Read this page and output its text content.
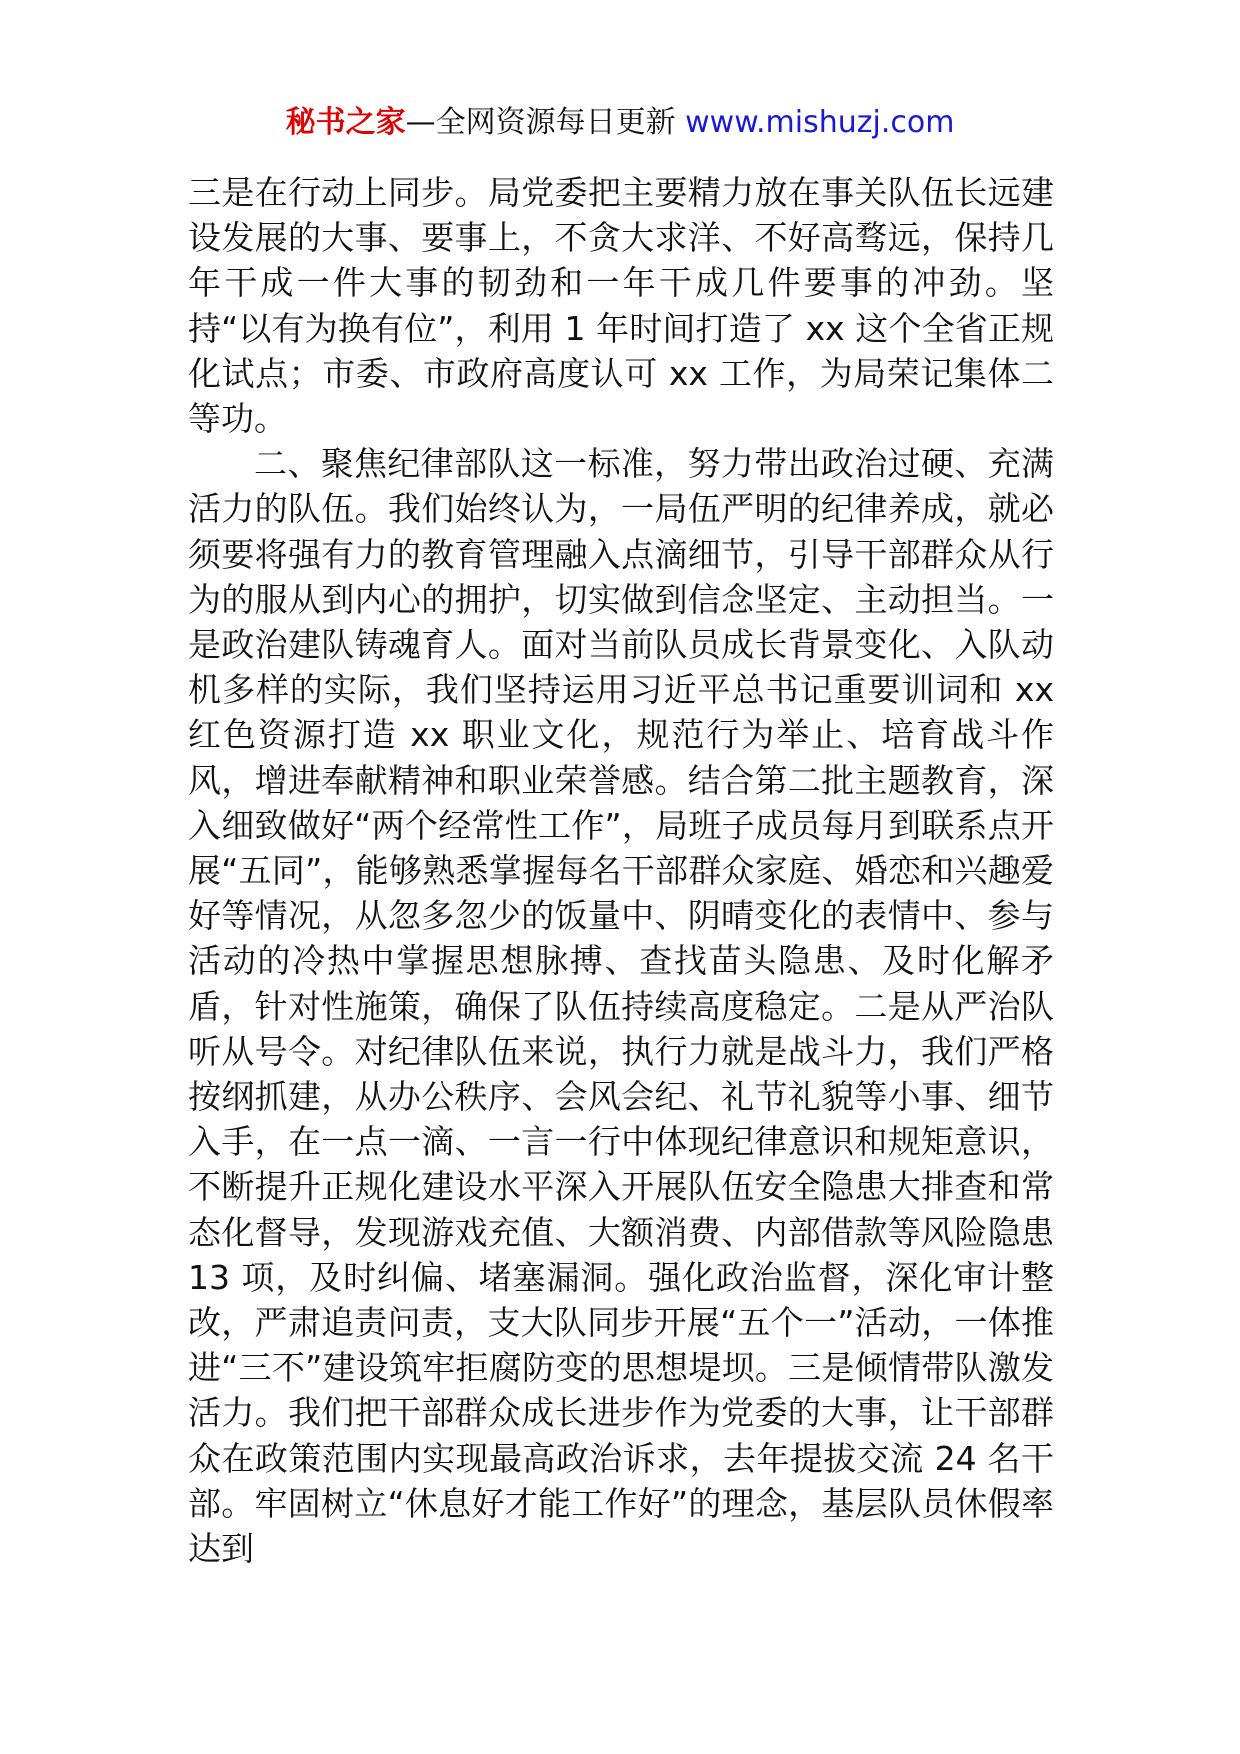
秘书之家—全网资源每日更新 www.mishuzj.com

三是在行动上同步。局党委把主要精力放在事关队伍长远建设发展的大事、要事上，不贪大求洋、不好高骛远，保持几年干成一件大事的韧劲和一年干成几件要事的冲劲。坚持“以有为换有位”，利用 1 年时间打造了 xx 这个全省正规化试点；市委、市政府高度认可 xx 工作，为局荣记集体二等功。

二、聚焦纪律部队这一标准，努力带出政治过硬、充满活力的队伍。我们始终认为，一局伍严明的纪律养成，就必须要将强有力的教育管理融入点滴细节，引导干部群众从行为的服从到内心的拥护，切实做到信念坚定、主动担当。一是政治建队铸魂育人。面对当前队员成长背景变化、入队动机多样的实际，我们坚持运用习近平总书记重要训词和 xx 红色资源打造 xx 职业文化，规范行为举止、培育战斗作风，增进奉献精神和职业荣誉感。结合第二批主题教育，深入细致做好“两个经常性工作”，局班子成员每月到联系点开展“五同”，能够熟悉掌握每名干部群众家庭、婚恋和兴趣爱好等情况，从忽多忽少的饭量中、阴晴变化的表情中、参与活动的冷热中掌握思想脉搏、查找苗头隐患、及时化解矛盾，针对性施策，确保了队伍持续高度稳定。二是从严治队听从号令。对纪律队伍来说，执行力就是战斗力，我们严格按纲抓建，从办公秩序、会风会纪、礼节礼貌等小事、细节入手，在一点一滴、一言一行中体现纪律意识和规矩意识，不断提升正规化建设水平深入开展队伍安全隐患大排查和常态化督导，发现游戏充值、大额消费、内部借款等风险隐患 13 项，及时纠偏、堵塞漏洞。强化政治监督，深化审计整改，严肃追责问责，支大队同步开展“五个一”活动，一体推进“三不”建设筑牢拒腐防变的思想堤坝。三是倾情带队激发活力。我们把干部群众成长进步作为党委的大事，让干部群众在政策范围内实现最高政治诉求，去年提拔交流 24 名干部。牢固树立“休息好才能工作好”的理念，基层队员休假率达到
